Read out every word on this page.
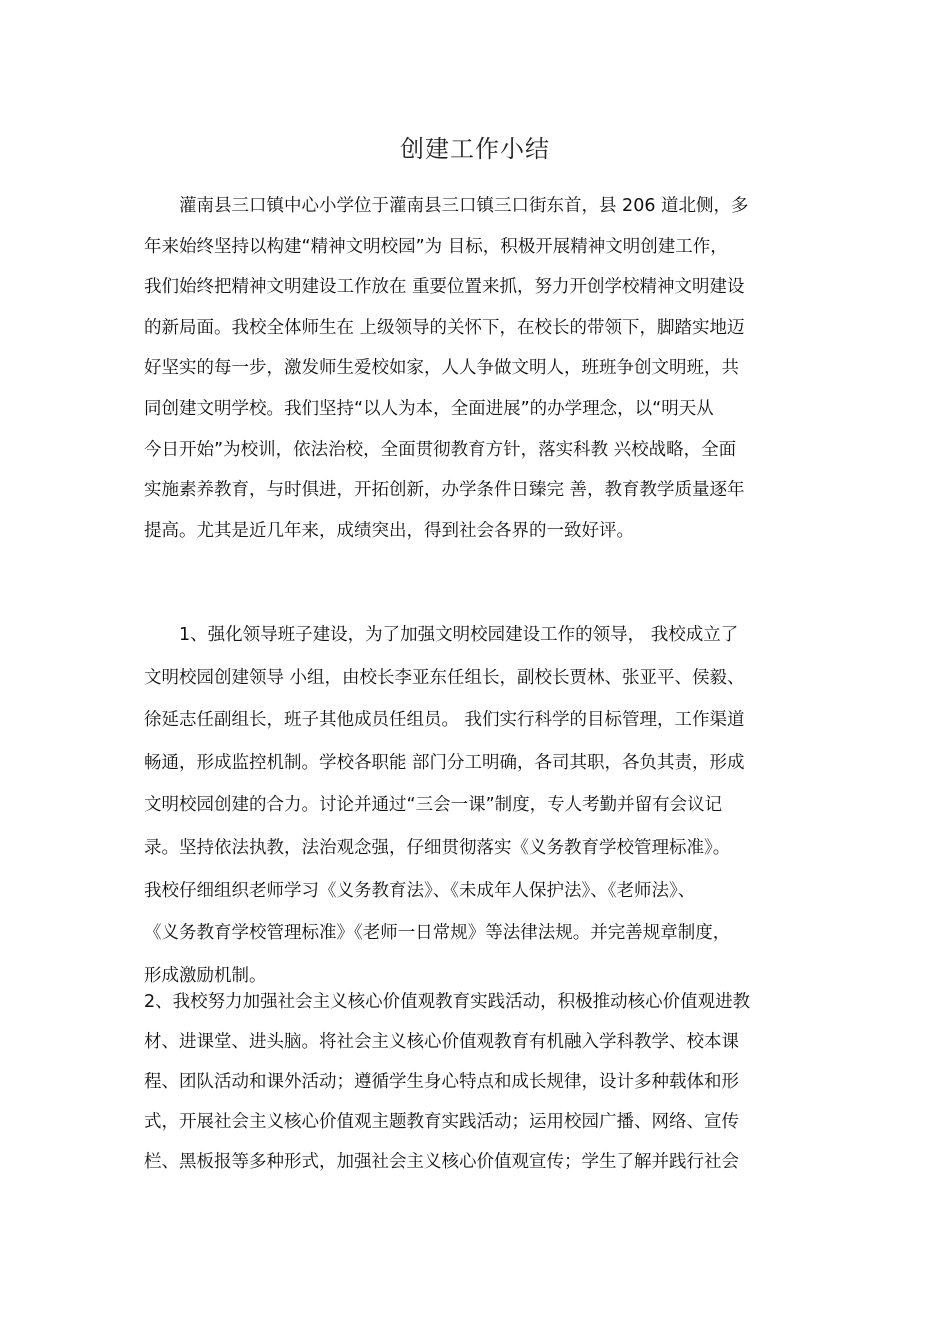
创建工作小结
灌南县三口镇中心小学位于灌南县三口镇三口街东首，县 206 道北侧，多
年来始终坚持以构建“精神文明校园”为 目标，积极开展精神文明创建工作，
我们始终把精神文明建设工作放在 重要位置来抓，努力开创学校精神文明建设
的新局面。我校全体师生在 上级领导的关怀下，在校长的带领下，脚踏实地迈
好坚实的每一步，激发师生爱校如家，人人争做文明人，班班争创文明班，共
同创建文明学校。我们坚持“以人为本，全面进展”的办学理念，以“明天从
今日开始”为校训，依法治校，全面贯彻教育方针，落实科教 兴校战略，全面
实施素养教育，与时俱进，开拓创新，办学条件日臻完 善，教育教学质量逐年
提高。尤其是近几年来，成绩突出，得到社会各界的一致好评。
1、强化领导班子建设，为了加强文明校园建设工作的领导， 我校成立了
文明校园创建领导 小组，由校长李亚东任组长，副校长贾林、张亚平、侯毅、
徐延志任副组长，班子其他成员任组员。 我们实行科学的目标管理，工作渠道
畅通，形成监控机制。学校各职能 部门分工明确，各司其职，各负其责，形成
文明校园创建的合力。讨论并通过“三会一课”制度，专人考勤并留有会议记
录。坚持依法执教，法治观念强，仔细贯彻落实《义务教育学校管理标准》。
我校仔细组织老师学习《义务教育法》、《未成年人保护法》、《老师法》、
《义务教育学校管理标准》《老师一日常规》等法律法规。并完善规章制度，
形成激励机制。
2、我校努力加强社会主义核心价值观教育实践活动，积极推动核心价值观进教
材、进课堂、进头脑。将社会主义核心价值观教育有机融入学科教学、校本课
程、团队活动和课外活动；遵循学生身心特点和成长规律，设计多种载体和形
式，开展社会主义核心价值观主题教育实践活动；运用校园广播、网络、宣传
栏、黑板报等多种形式，加强社会主义核心价值观宣传；学生了解并践行社会
